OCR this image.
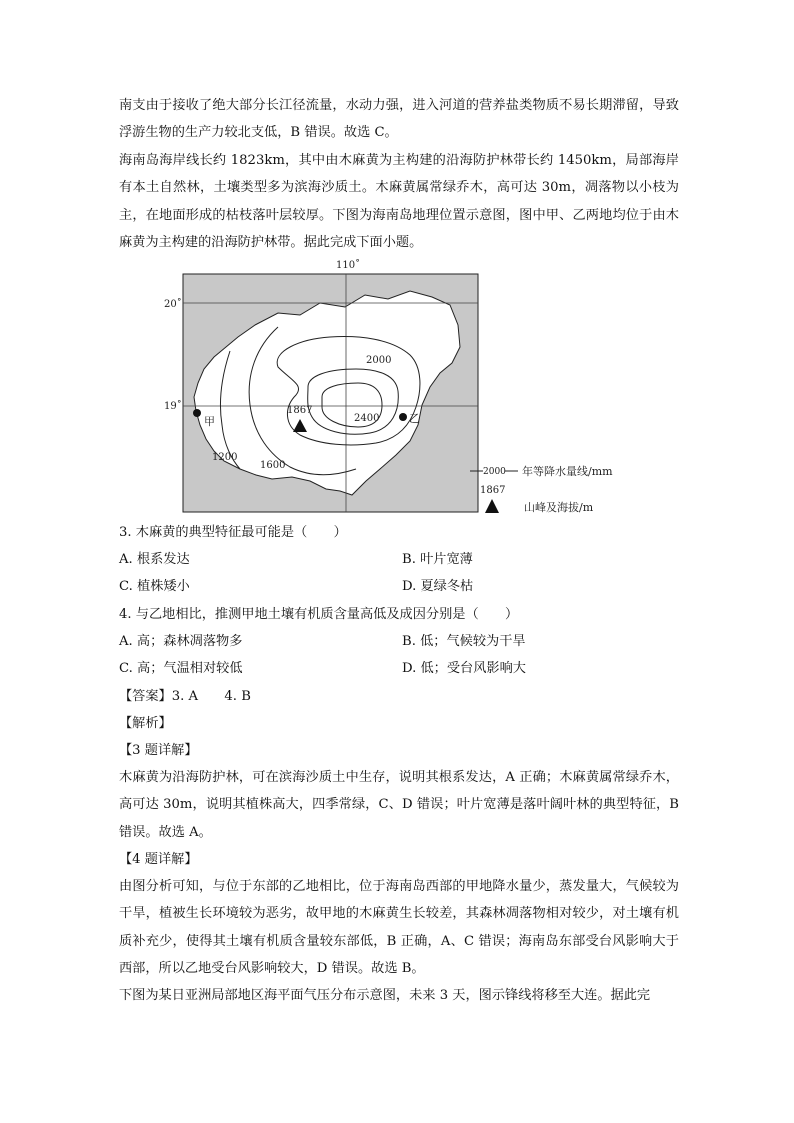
南支由于接收了绝大部分长江径流量，水动力强，进入河道的营养盐类物质不易长期滞留，导致浮游生物的生产力较北支低，B 错误。故选 C。

海南岛海岸线长约 1823km，其中由木麻黄为主构建的沿海防护林带长约 1450km，局部海岸有本土自然林，土壤类型多为滨海沙质土。木麻黄属常绿乔木，高可达 30m，凋落物以小枝为主，在地面形成的枯枝落叶层较厚。下图为海南岛地理位置示意图，图中甲、乙两地均位于由木麻黄为主构建的沿海防护林带。据此完成下面小题。

110˚
20˚
19˚
2000
2400
1200
1600
1867
甲	乙
2000 年等降水量线/mm
1867
山峰及海拔/m

3. 木麻黄的典型特征最可能是（　　）

A. 根系发达	B. 叶片宽薄

C. 植株矮小	D. 夏绿冬枯

4. 与乙地相比，推测甲地土壤有机质含量高低及成因分别是（　　）

A. 高；森林凋落物多	B. 低；气候较为干旱

C. 高；气温相对较低	D. 低；受台风影响大

【答案】3. A　　4. B

【解析】

【3 题详解】

木麻黄为沿海防护林，可在滨海沙质土中生存，说明其根系发达，A 正确；木麻黄属常绿乔木，高可达 30m，说明其植株高大，四季常绿，C、D 错误；叶片宽薄是落叶阔叶林的典型特征，B 错误。故选 A。

【4 题详解】

由图分析可知，与位于东部的乙地相比，位于海南岛西部的甲地降水量少，蒸发量大，气候较为干旱，植被生长环境较为恶劣，故甲地的木麻黄生长较差，其森林凋落物相对较少，对土壤有机质补充少，使得其土壤有机质含量较东部低，B 正确，A、C 错误；海南岛东部受台风影响大于西部，所以乙地受台风影响较大，D 错误。故选 B。

下图为某日亚洲局部地区海平面气压分布示意图，未来 3 天，图示锋线将移至大连。据此完
